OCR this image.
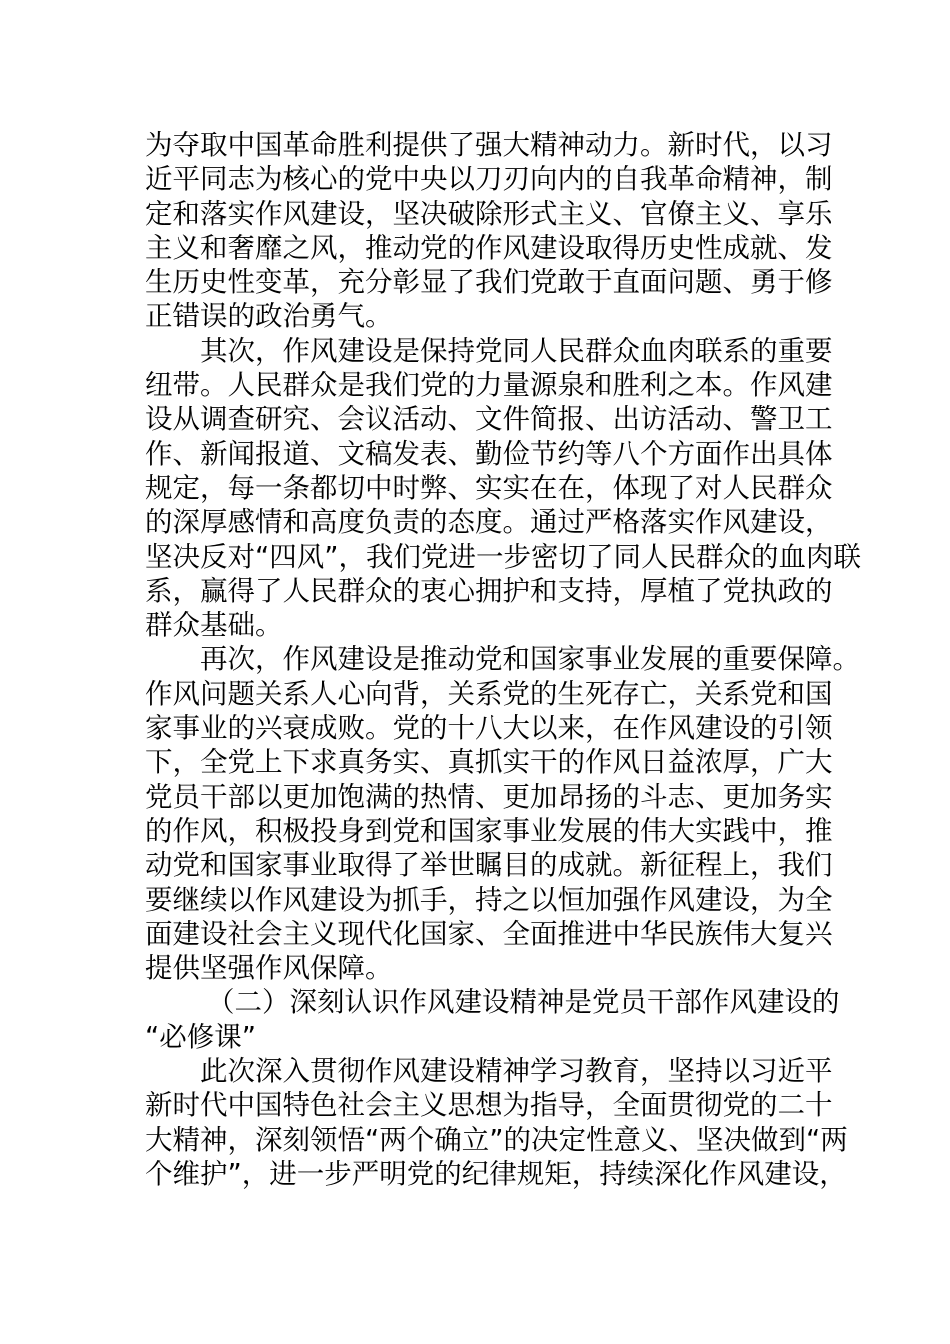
为夺取中国革命胜利提供了强大精神动力。新时代，以习
近平同志为核心的党中央以刀刃向内的自我革命精神，制
定和落实作风建设，坚决破除形式主义、官僚主义、享乐
主义和奢靡之风，推动党的作风建设取得历史性成就、发
生历史性变革，充分彰显了我们党敢于直面问题、勇于修
正错误的政治勇气。
其次，作风建设是保持党同人民群众血肉联系的重要
纽带。人民群众是我们党的力量源泉和胜利之本。作风建
设从调查研究、会议活动、文件简报、出访活动、警卫工
作、新闻报道、文稿发表、勤俭节约等八个方面作出具体
规定，每一条都切中时弊、实实在在，体现了对人民群众
的深厚感情和高度负责的态度。通过严格落实作风建设，
坚决反对“四风”，我们党进一步密切了同人民群众的血肉联
系，赢得了人民群众的衷心拥护和支持，厚植了党执政的
群众基础。
再次，作风建设是推动党和国家事业发展的重要保障。
作风问题关系人心向背，关系党的生死存亡，关系党和国
家事业的兴衰成败。党的十八大以来，在作风建设的引领
下，全党上下求真务实、真抓实干的作风日益浓厚，广大
党员干部以更加饱满的热情、更加昂扬的斗志、更加务实
的作风，积极投身到党和国家事业发展的伟大实践中，推
动党和国家事业取得了举世瞩目的成就。新征程上，我们
要继续以作风建设为抓手，持之以恒加强作风建设，为全
面建设社会主义现代化国家、全面推进中华民族伟大复兴
提供坚强作风保障。
（二）深刻认识作风建设精神是党员干部作风建设的
“必修课”
此次深入贯彻作风建设精神学习教育，坚持以习近平
新时代中国特色社会主义思想为指导，全面贯彻党的二十
大精神，深刻领悟“两个确立”的决定性意义、坚决做到“两
个维护”，进一步严明党的纪律规矩，持续深化作风建设，
